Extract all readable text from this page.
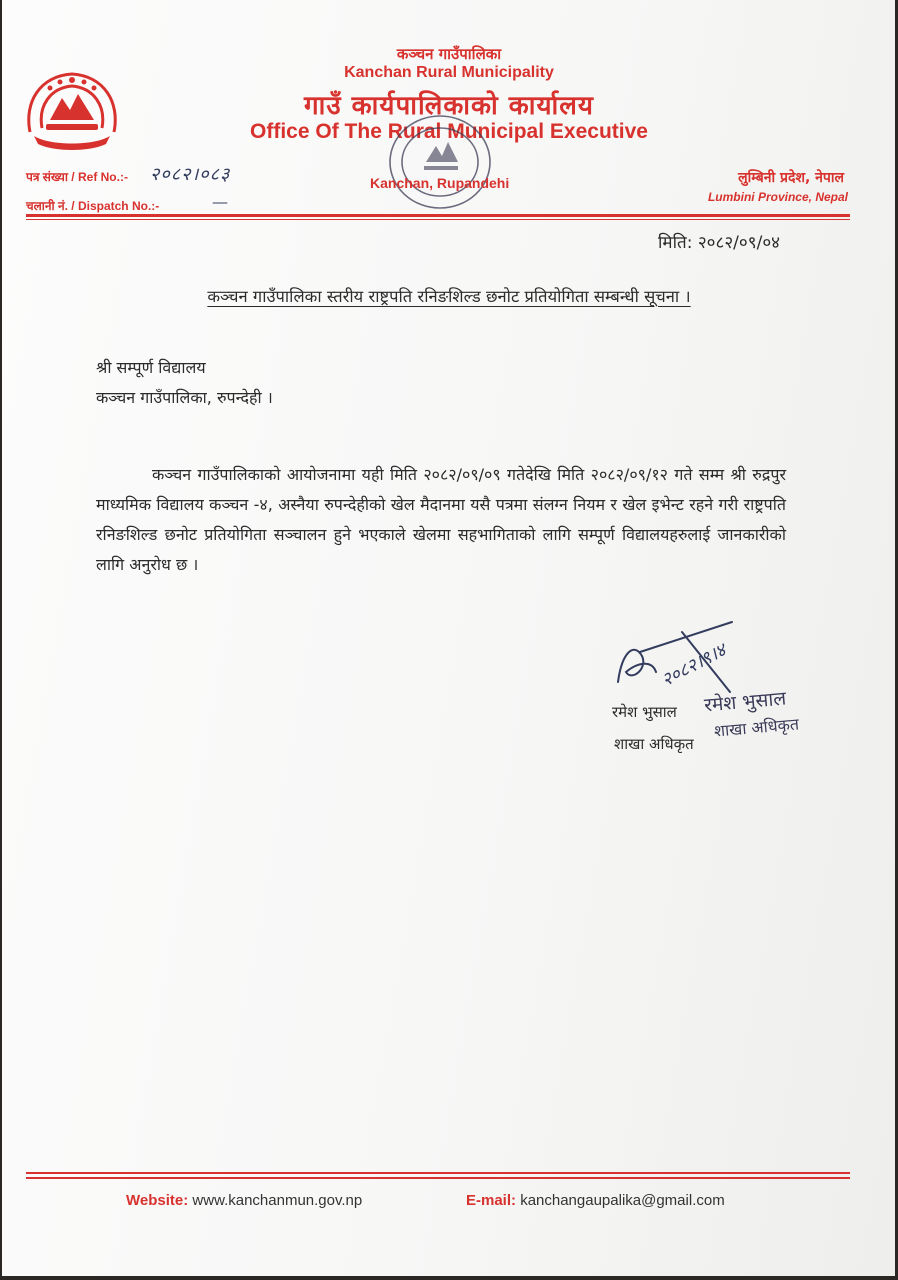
कञ्चन गाउँपालिका
Kanchan Rural Municipality
गाउँ कार्यपालिकाको कार्यालय
Office Of The Rural Municipal Executive
Kanchan, Rupandehi
पत्र संख्या / Ref No.:- २०८२।०८३
चलानी नं. / Dispatch No.:-	—
लुम्बिनी प्रदेश, नेपाल
Lumbini Province, Nepal
मिति: २०८२/०९/०४
कञ्चन गाउँपालिका स्तरीय राष्ट्रपति रनिङशिल्ड छनोट प्रतियोगिता सम्बन्धी सूचना ।
श्री सम्पूर्ण विद्यालय
कञ्चन गाउँपालिका, रुपन्देही ।
कञ्चन गाउँपालिकाको आयोजनामा यही मिति २०८२/०९/०९ गतेदेखि मिति २०८२/०९/१२ गते सम्म श्री रुद्रपुर माध्यमिक विद्यालय कञ्चन -४, अस्नैया रुपन्देहीको खेल मैदानमा यसै पत्रमा संलग्न नियम र खेल इभेन्ट रहने गरी राष्ट्रपति रनिङशिल्ड छनोट प्रतियोगिता सञ्चालन हुने भएकाले खेलमा सहभागिताको लागि सम्पूर्ण विद्यालयहरुलाई जानकारीको लागि अनुरोध छ ।
२०८२।९।४
रमेश भुसाल
शाखा अधिकृत
रमेश भुसाल
शाखा अधिकृत
Website: www.kanchanmun.gov.np	E-mail: kanchangaupalika@gmail.com
